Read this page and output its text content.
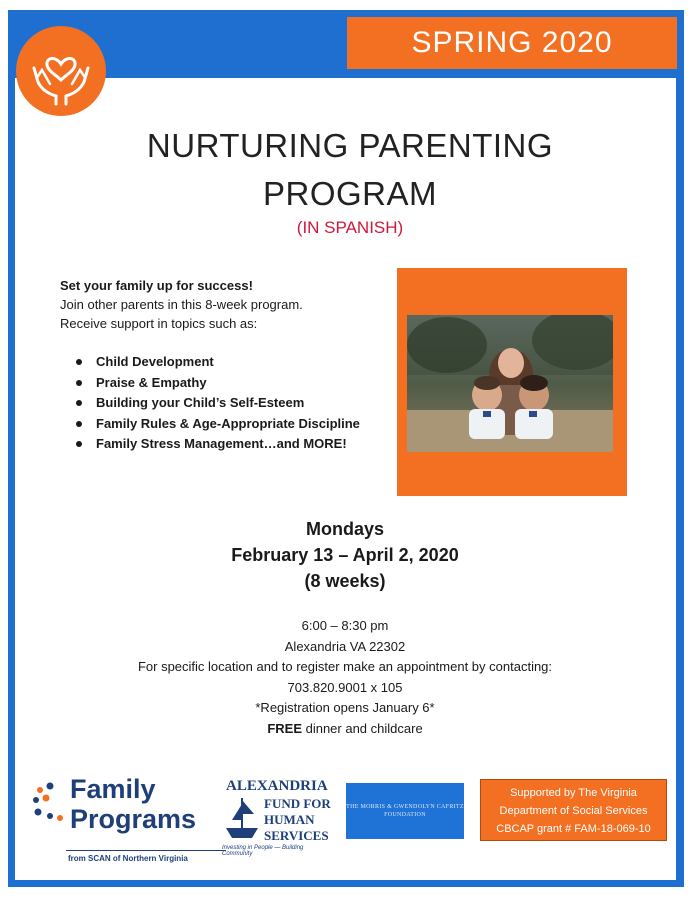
SPRING 2020
NURTURING PARENTING
PROGRAM
(IN SPANISH)
Set your family up for success!
Join other parents in this 8-week program.
Receive support in topics such as:
Child Development
Praise & Empathy
Building your Child’s Self-Esteem
Family Rules & Age-Appropriate Discipline
Family Stress Management…and MORE!
Mondays
February 13 – April 2, 2020
(8 weeks)
6:00 – 8:30 pm
Alexandria VA 22302
For specific location and to register make an appointment by contacting:
703.820.9001 x 105
*Registration opens January 6*
FREE dinner and childcare
Family
Programs
from SCAN of Northern Virginia
ALEXANDRIA
FUND FOR
HUMAN
SERVICES
Investing in People — Building Community
THE MORRIS & GWENDOLYN CAFRITZ FOUNDATION
Supported by The Virginia
Department of Social Services
CBCAP grant # FAM-18-069-10
